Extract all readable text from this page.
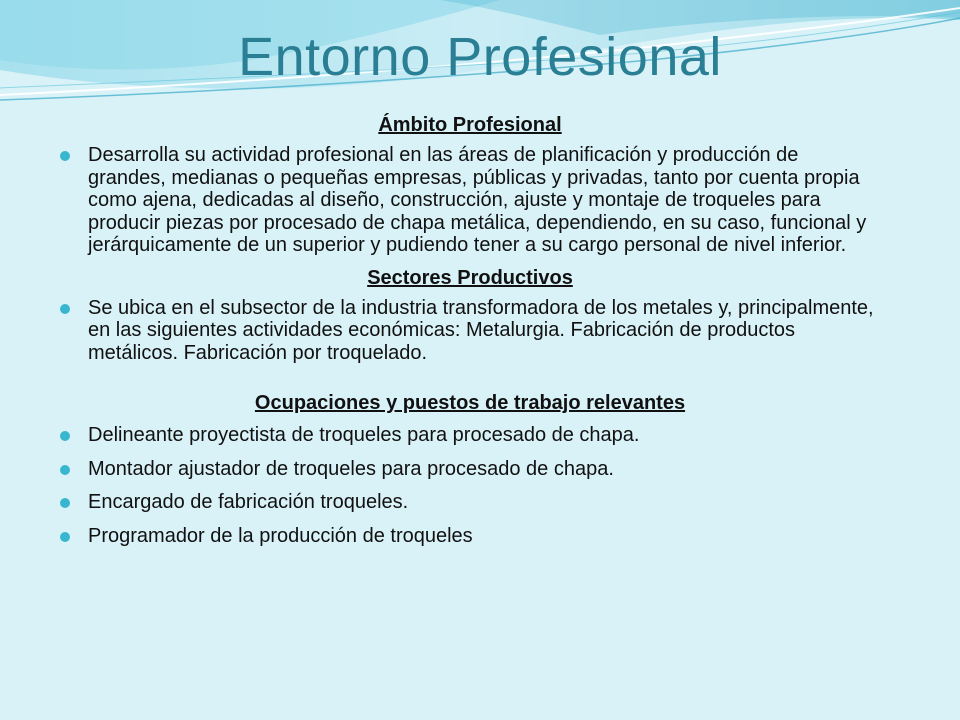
Entorno Profesional
Ámbito Profesional
Desarrolla su actividad profesional en las áreas de planificación y producción de grandes, medianas o pequeñas empresas, públicas y privadas, tanto por cuenta propia como ajena, dedicadas al diseño, construcción, ajuste y montaje de troqueles para producir piezas por procesado de chapa metálica, dependiendo, en su caso, funcional y jerárquicamente de un superior y pudiendo tener a su cargo personal de nivel inferior.
Sectores Productivos
Se ubica en el subsector de la industria transformadora de los metales y, principalmente, en las siguientes actividades económicas: Metalurgia. Fabricación de productos metálicos. Fabricación por troquelado.
Ocupaciones y puestos de trabajo relevantes
Delineante proyectista de troqueles para procesado de chapa.
Montador ajustador de troqueles para procesado de chapa.
Encargado de fabricación troqueles.
Programador de la producción de troqueles
